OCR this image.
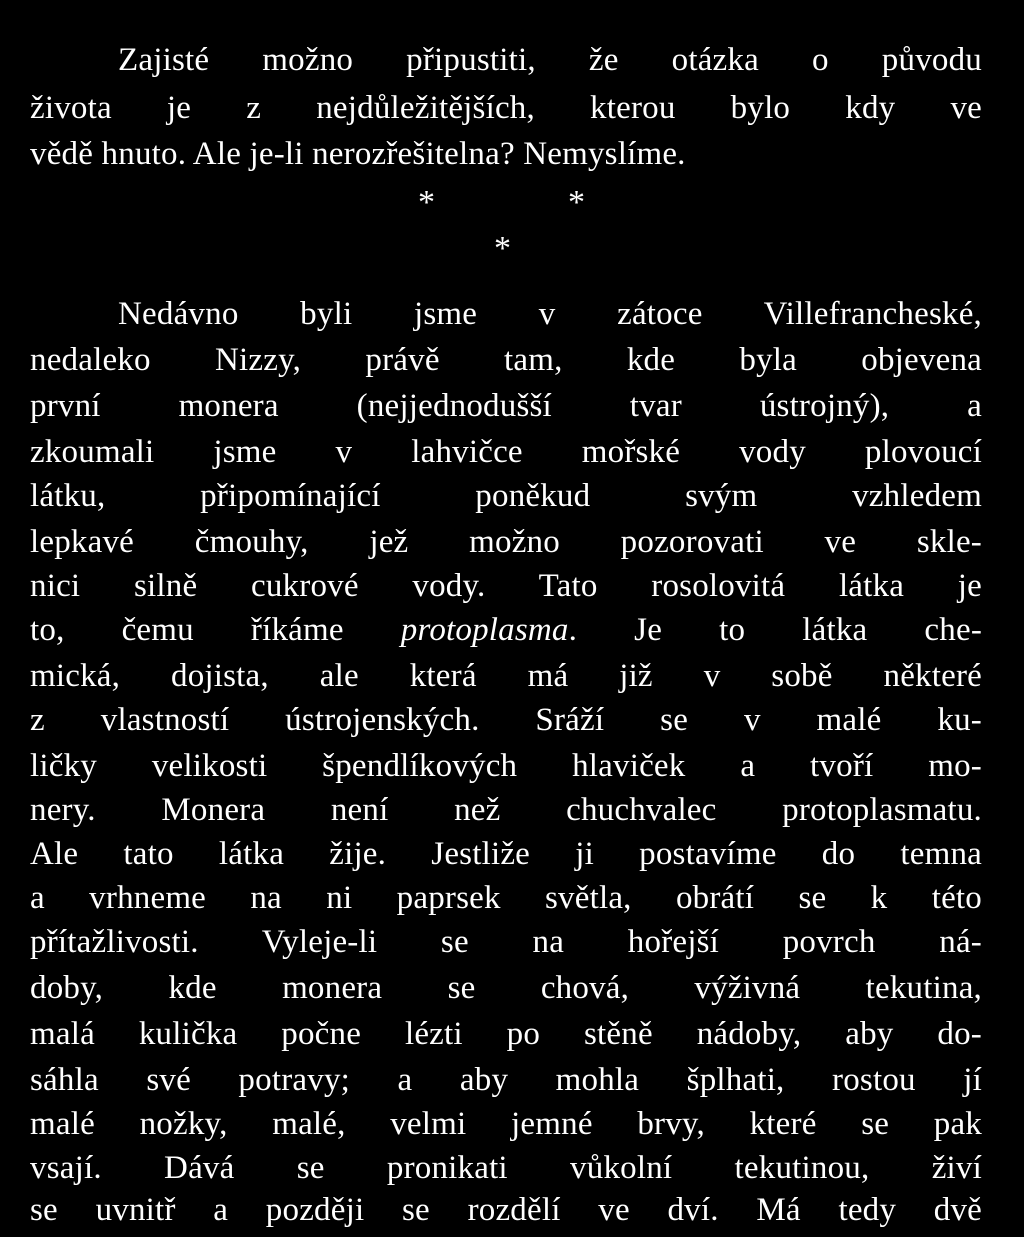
Zajisté možno připustiti, že otázka o původu
života je z nejdůležitějších, kterou bylo kdy ve
vědě hnuto. Ale je-li nerozřešitelna? Nemyslíme.
*	*
*
Nedávno byli jsme v zátoce Villefrancheské,
nedaleko Nizzy, právě tam, kde byla objevena
první monera (nejjednodušší tvar ústrojný), a
zkoumali jsme v lahvičce mořské vody plovoucí
látku, připomínající poněkud svým vzhledem
lepkavé čmouhy, jež možno pozorovati ve skle-
nici silně cukrové vody. Tato rosolovitá látka je
to, čemu říkáme protoplasma. Je to látka che-
mická, dojista, ale která má již v sobě některé
z vlastností ústrojenských. Sráží se v malé ku-
ličky velikosti špendlíkových hlaviček a tvoří mo-
nery. Monera není než chuchvalec protoplasmatu.
Ale tato látka žije. Jestliže ji postavíme do temna
a vrhneme na ni paprsek světla, obrátí se k této
přítažlivosti. Vyleje-li se na hořejší povrch ná-
doby, kde monera se chová, výživná tekutina,
malá kulička počne lézti po stěně nádoby, aby do-
sáhla své potravy; a aby mohla šplhati, rostou jí
malé nožky, malé, velmi jemné brvy, které se pak
vsají. Dává se pronikati vůkolní tekutinou, živí
se uvnitř a později se rozdělí ve dví. Má tedy dvě
